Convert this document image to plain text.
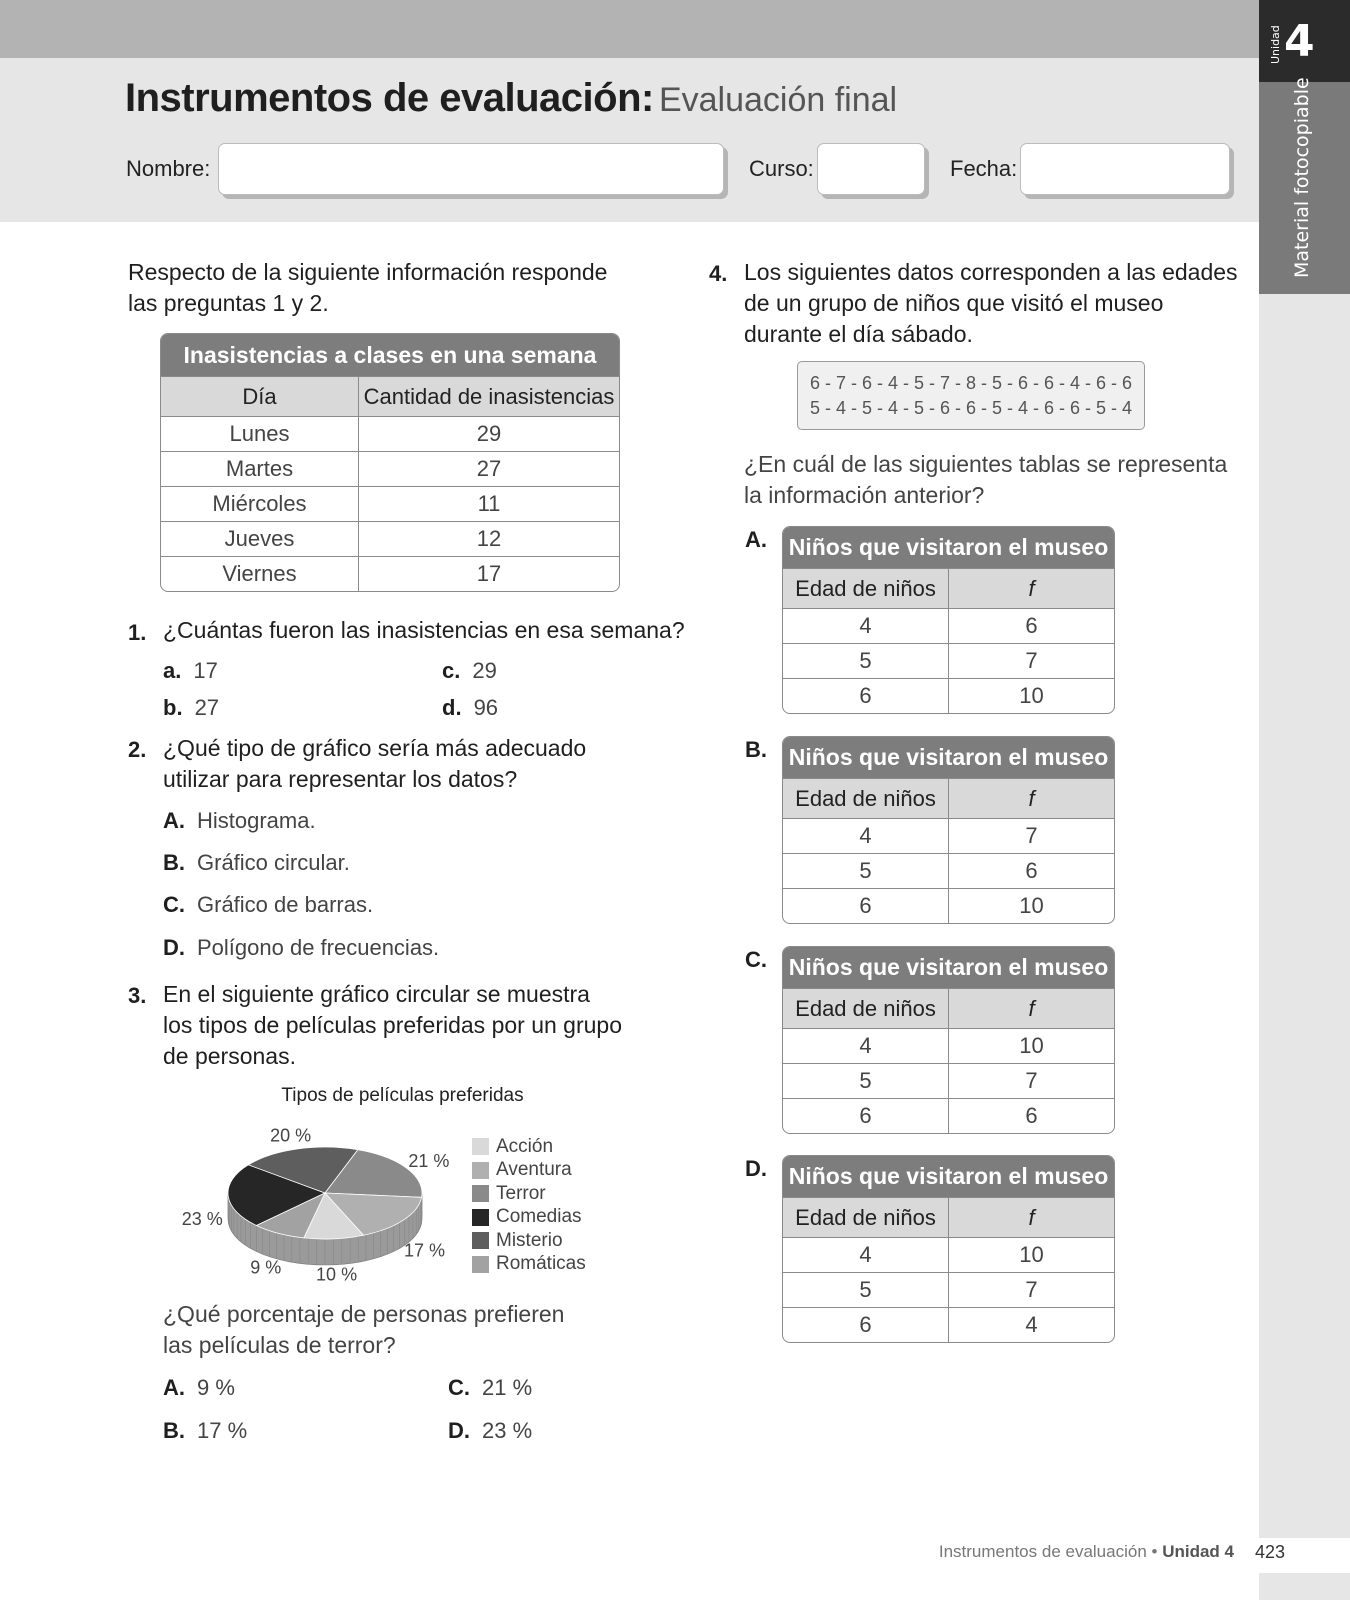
Unidad 4
Material fotocopiable
Instrumentos de evaluación: Evaluación final
Nombre:	Curso:	Fecha:
Respecto de la siguiente información responde
las preguntas 1 y 2.
Inasistencias a clases en una semana
Día	Cantidad de inasistencias
Lunes	29
Martes	27
Miércoles	11
Jueves	12
Viernes	17
1. ¿Cuántas fueron las inasistencias en esa semana?
a. 17	c. 29
b. 27	d. 96
2. ¿Qué tipo de gráfico sería más adecuado
utilizar para representar los datos?
A. Histograma.
B. Gráfico circular.
C. Gráfico de barras.
D. Polígono de frecuencias.
3. En el siguiente gráfico circular se muestra
los tipos de películas preferidas por un grupo
de personas.
Tipos de películas preferidas
23 %
20 %
21 %
17 %
10 %
9 %
Acción
Aventura
Terror
Comedias
Misterio
Romáticas
¿Qué porcentaje de personas prefieren
las películas de terror?
A. 9 %	C. 21 %
B. 17 %	D. 23 %
4. Los siguientes datos corresponden a las edades
de un grupo de niños que visitó el museo
durante el día sábado.
6 - 7 - 6 - 4 - 5 - 7 - 8 - 5 - 6 - 6 - 4 - 6 - 6
5 - 4 - 5 - 4 - 5 - 6 - 6 - 5 - 4 - 6 - 6 - 5 - 4
¿En cuál de las siguientes tablas se representa
la información anterior?
A. Niños que visitaron el museo
Edad de niños	f
4	6
5	7
6	10
B. Niños que visitaron el museo
Edad de niños	f
4	7
5	6
6	10
C. Niños que visitaron el museo
Edad de niños	f
4	10
5	7
6	6
D. Niños que visitaron el museo
Edad de niños	f
4	10
5	7
6	4
Instrumentos de evaluación • Unidad 4 423
